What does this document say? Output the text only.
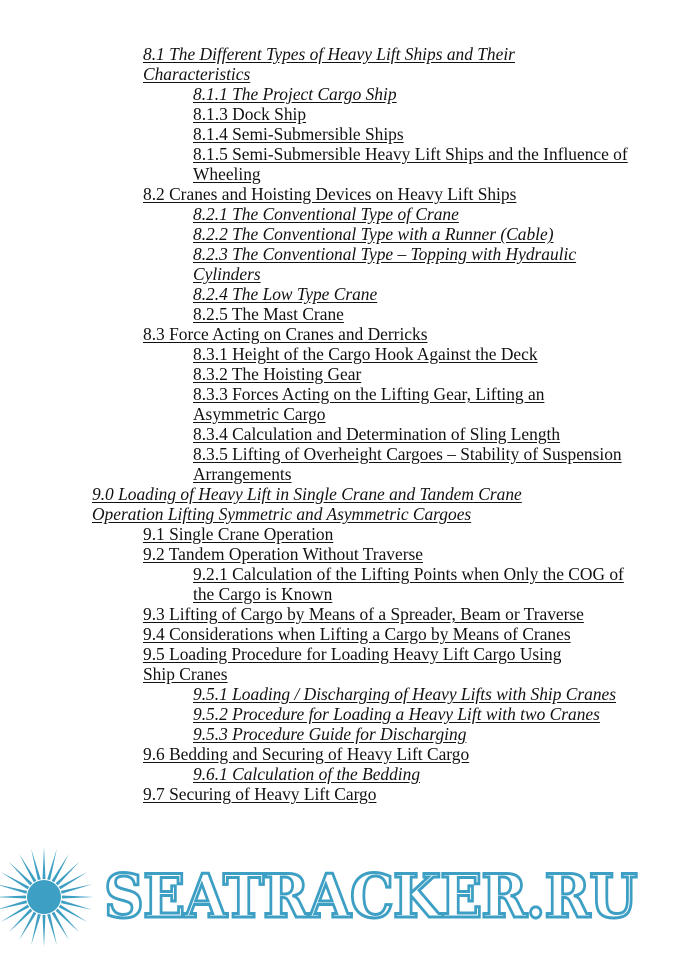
8.1 The Different Types of Heavy Lift Ships and Their Characteristics
8.1.1 The Project Cargo Ship
8.1.3 Dock Ship
8.1.4 Semi-Submersible Ships
8.1.5 Semi-Submersible Heavy Lift Ships and the Influence of Wheeling
8.2 Cranes and Hoisting Devices on Heavy Lift Ships
8.2.1 The Conventional Type of Crane
8.2.2 The Conventional Type with a Runner (Cable)
8.2.3 The Conventional Type – Topping with Hydraulic Cylinders
8.2.4 The Low Type Crane
8.2.5 The Mast Crane
8.3 Force Acting on Cranes and Derricks
8.3.1 Height of the Cargo Hook Against the Deck
8.3.2 The Hoisting Gear
8.3.3 Forces Acting on the Lifting Gear, Lifting an Asymmetric Cargo
8.3.4 Calculation and Determination of Sling Length
8.3.5 Lifting of Overheight Cargoes – Stability of Suspension Arrangements
9.0 Loading of Heavy Lift in Single Crane and Tandem Crane Operation Lifting Symmetric and Asymmetric Cargoes
9.1 Single Crane Operation
9.2 Tandem Operation Without Traverse
9.2.1 Calculation of the Lifting Points when Only the COG of the Cargo is Known
9.3 Lifting of Cargo by Means of a Spreader, Beam or Traverse
9.4 Considerations when Lifting a Cargo by Means of Cranes
9.5 Loading Procedure for Loading Heavy Lift Cargo Using Ship Cranes
9.5.1 Loading / Discharging of Heavy Lifts with Ship Cranes
9.5.2 Procedure for Loading a Heavy Lift with two Cranes
9.5.3 Procedure Guide for Discharging
9.6 Bedding and Securing of Heavy Lift Cargo
9.6.1 Calculation of the Bedding
9.7 Securing of Heavy Lift Cargo
SEATRACKER.RU
